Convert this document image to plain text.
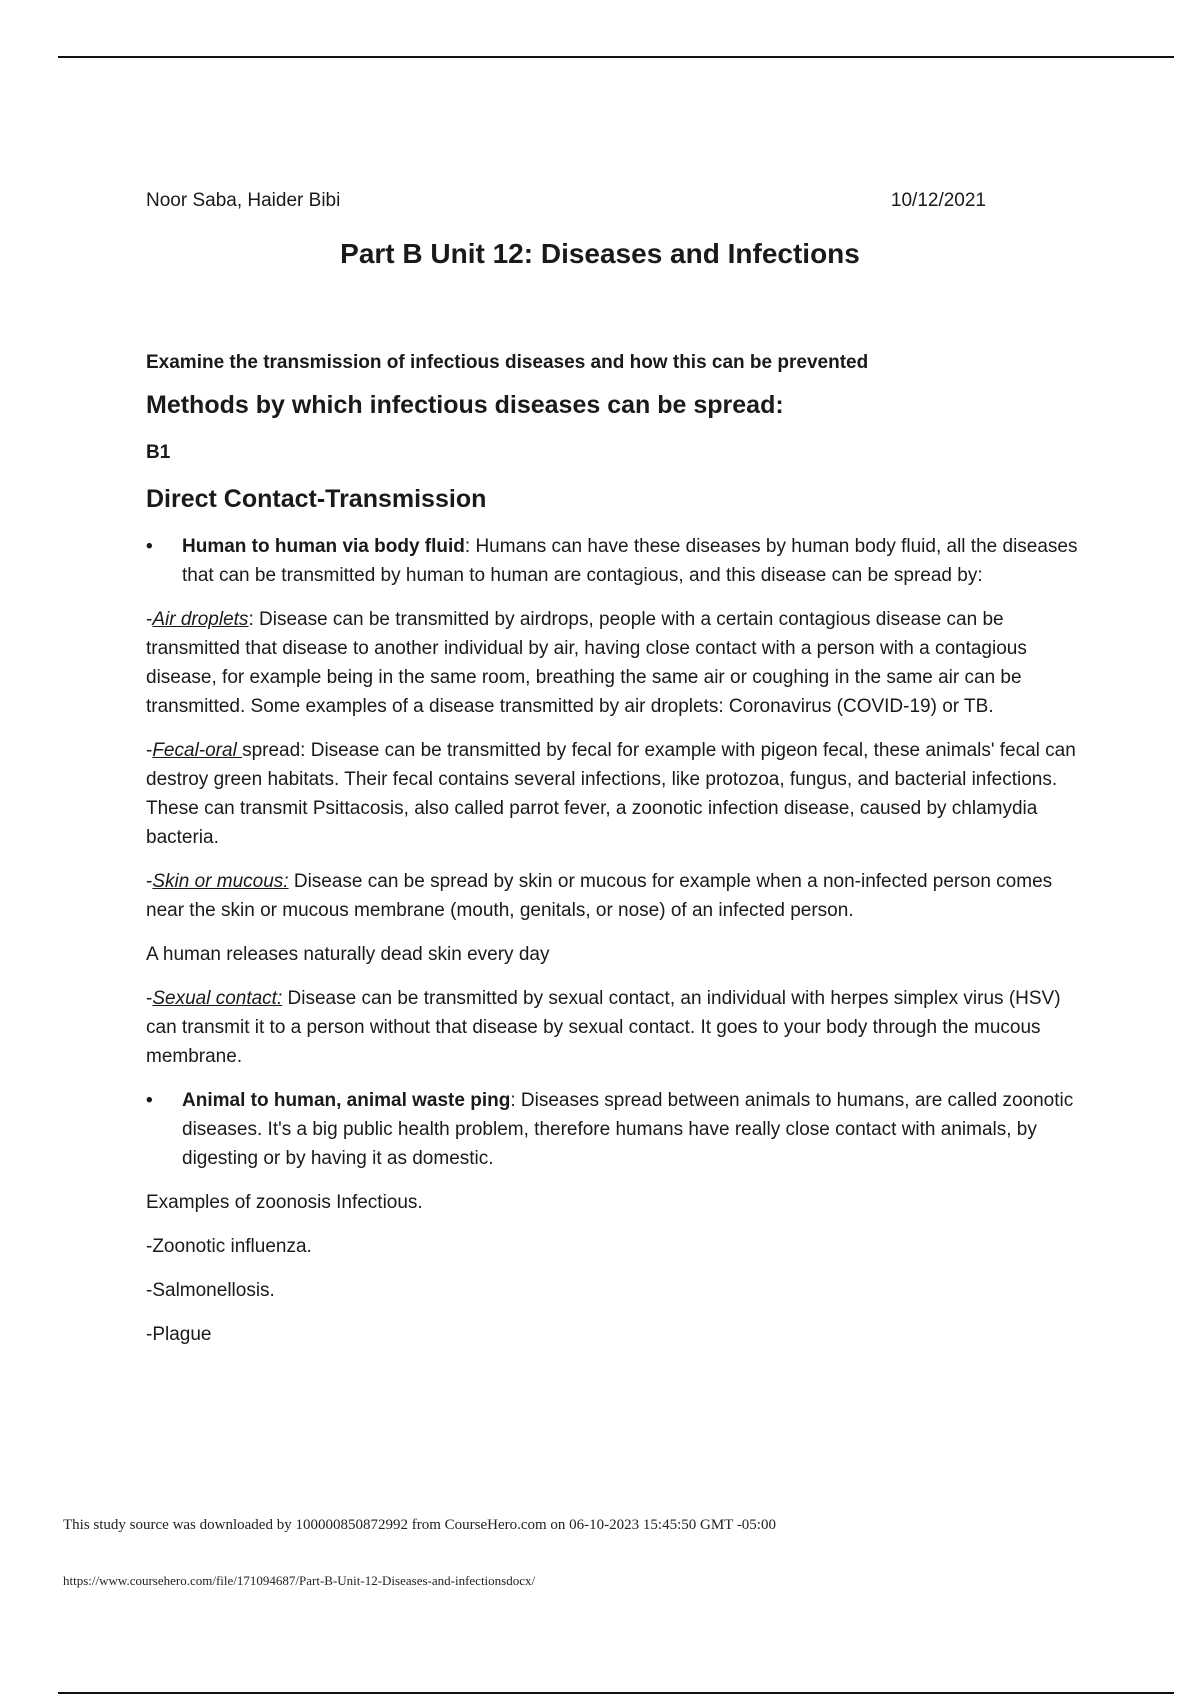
Noor Saba, Haider Bibi	10/12/2021
Part B Unit 12: Diseases and Infections

Examine the transmission of infectious diseases and how this can be prevented

Methods by which infectious diseases can be spread:

B1

Direct Contact-Transmission

• Human to human via body fluid: Humans can have these diseases by human body fluid, all the diseases that can be transmitted by human to human are contagious, and this disease can be spread by:

-Air droplets: Disease can be transmitted by airdrops, people with a certain contagious disease can be transmitted that disease to another individual by air, having close contact with a person with a contagious disease, for example being in the same room, breathing the same air or coughing in the same air can be transmitted. Some examples of a disease transmitted by air droplets: Coronavirus (COVID-19) or TB.

-Fecal-oral spread: Disease can be transmitted by fecal for example with pigeon fecal, these animals' fecal can destroy green habitats. Their fecal contains several infections, like protozoa, fungus, and bacterial infections. These can transmit Psittacosis, also called parrot fever, a zoonotic infection disease, caused by chlamydia bacteria.

-Skin or mucous: Disease can be spread by skin or mucous for example when a non-infected person comes near the skin or mucous membrane (mouth, genitals, or nose) of an infected person.

A human releases naturally dead skin every day

-Sexual contact: Disease can be transmitted by sexual contact, an individual with herpes simplex virus (HSV) can transmit it to a person without that disease by sexual contact. It goes to your body through the mucous membrane.

• Animal to human, animal waste ping: Diseases spread between animals to humans, are called zoonotic diseases. It's a big public health problem, therefore humans have really close contact with animals, by digesting or by having it as domestic.

Examples of zoonosis Infectious.

-Zoonotic influenza.

-Salmonellosis.

-Plague

This study source was downloaded by 100000850872992 from CourseHero.com on 06-10-2023 15:45:50 GMT -05:00
https://www.coursehero.com/file/171094687/Part-B-Unit-12-Diseases-and-infectionsdocx/
